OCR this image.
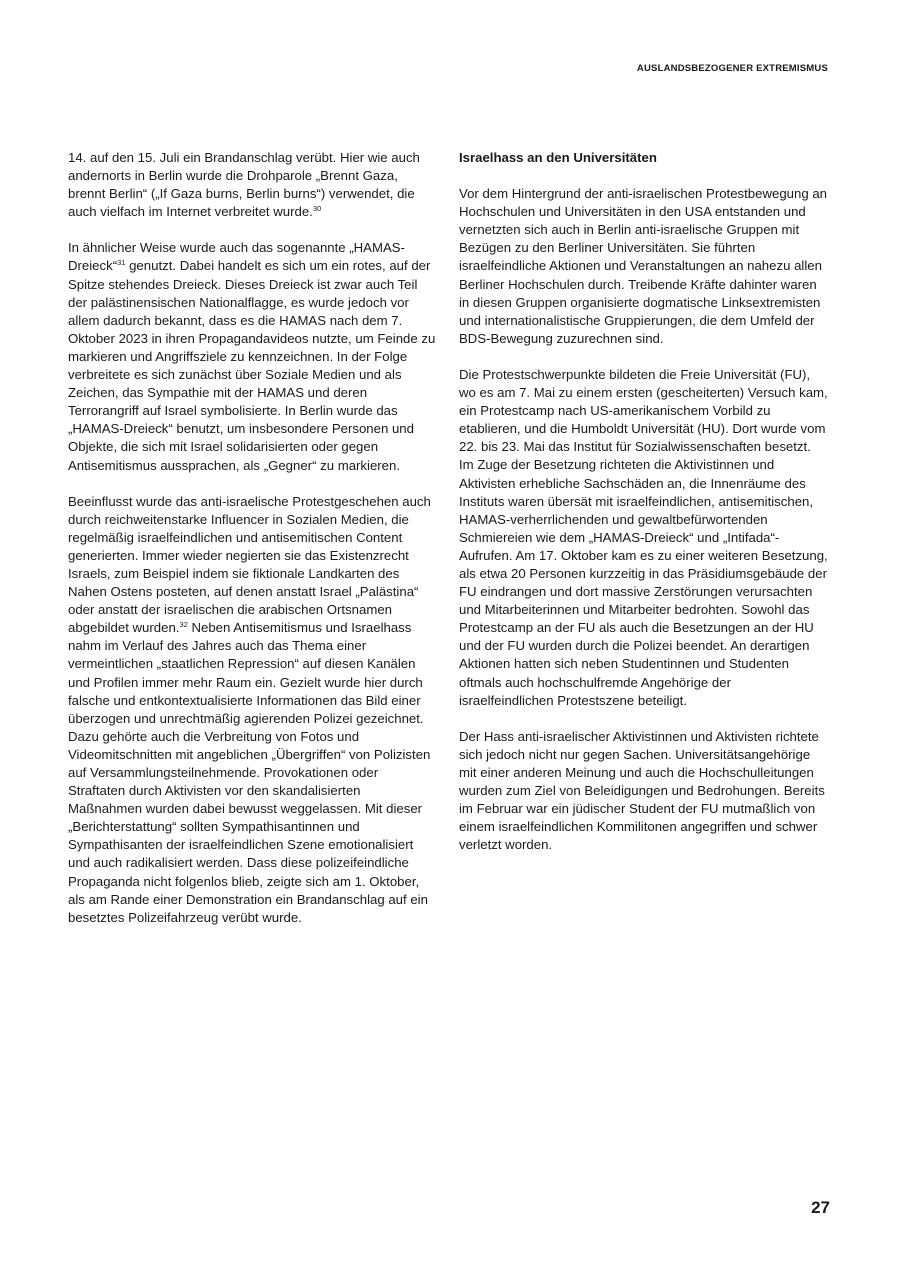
AUSLANDSBEZOGENER EXTREMISMUS

14. auf den 15. Juli ein Brandanschlag verübt. Hier wie auch andernorts in Berlin wurde die Drohparole „Brennt Gaza, brennt Berlin“ („If Gaza burns, Berlin burns“) verwendet, die auch vielfach im Internet verbreitet wurde.$^{30}$

In ähnlicher Weise wurde auch das sogenannte „HAMAS-Dreieck“$^{31}$ genutzt. Dabei handelt es sich um ein rotes, auf der Spitze stehendes Dreieck. Dieses Dreieck ist zwar auch Teil der palästinensischen Nationalflagge, es wurde jedoch vor allem dadurch bekannt, dass es die HAMAS nach dem 7. Oktober 2023 in ihren Propagandavideos nutzte, um Feinde zu markieren und Angriffsziele zu kennzeichnen. In der Folge verbreitete es sich zunächst über Soziale Medien und als Zeichen, das Sympathie mit der HAMAS und deren Terrorangriff auf Israel symbolisierte. In Berlin wurde das „HAMAS-Dreieck“ benutzt, um insbesondere Personen und Objekte, die sich mit Israel solidarisierten oder gegen Antisemitismus aussprachen, als „Gegner“ zu markieren.

Beeinflusst wurde das anti-israelische Protestgeschehen auch durch reichweitenstarke Influencer in Sozialen Medien, die regelmäßig israelfeindlichen und antisemitischen Content generierten. Immer wieder negierten sie das Existenzrecht Israels, zum Beispiel indem sie fiktionale Landkarten des Nahen Ostens posteten, auf denen anstatt Israel „Palästina“ oder anstatt der israelischen die arabischen Ortsnamen abgebildet wurden.$^{32}$ Neben Antisemitismus und Israelhass nahm im Verlauf des Jahres auch das Thema einer vermeintlichen „staatlichen Repression“ auf diesen Kanälen und Profilen immer mehr Raum ein. Gezielt wurde hier durch falsche und entkontextualisierte Informationen das Bild einer überzogen und unrechtmäßig agierenden Polizei gezeichnet. Dazu gehörte auch die Verbreitung von Fotos und Videomitschnitten mit angeblichen „Übergriffen“ von Polizisten auf Versammlungsteilnehmende. Provokationen oder Straftaten durch Aktivisten vor den skandalisierten Maßnahmen wurden dabei bewusst weggelassen. Mit dieser „Berichterstattung“ sollten Sympathisantinnen und Sympathisanten der israelfeindlichen Szene emotionalisiert und auch radikalisiert werden. Dass diese polizeifeindliche Propaganda nicht folgenlos blieb, zeigte sich am 1. Oktober, als am Rande einer Demonstration ein Brandanschlag auf ein besetztes Polizeifahrzeug verübt wurde.

Israelhass an den Universitäten

Vor dem Hintergrund der anti-israelischen Protestbewegung an Hochschulen und Universitäten in den USA entstanden und vernetzten sich auch in Berlin anti-israelische Gruppen mit Bezügen zu den Berliner Universitäten. Sie führten israelfeindliche Aktionen und Veranstaltungen an nahezu allen Berliner Hochschulen durch. Treibende Kräfte dahinter waren in diesen Gruppen organisierte dogmatische Linksextremisten und internationalistische Gruppierungen, die dem Umfeld der BDS-Bewegung zuzurechnen sind.

Die Protestschwerpunkte bildeten die Freie Universität (FU), wo es am 7. Mai zu einem ersten (gescheiterten) Versuch kam, ein Protestcamp nach US-amerikanischem Vorbild zu etablieren, und die Humboldt Universität (HU). Dort wurde vom 22. bis 23. Mai das Institut für Sozialwissenschaften besetzt. Im Zuge der Besetzung richteten die Aktivistinnen und Aktivisten erhebliche Sachschäden an, die Innenräume des Instituts waren übersät mit israelfeindlichen, antisemitischen, HAMAS-verherrlichenden und gewaltbefürwortenden Schmiereien wie dem „HAMAS-Dreieck“ und „Intifada“-Aufrufen. Am 17. Oktober kam es zu einer weiteren Besetzung, als etwa 20 Personen kurzzeitig in das Präsidiumsgebäude der FU eindrangen und dort massive Zerstörungen verursachten und Mitarbeiterinnen und Mitarbeiter bedrohten. Sowohl das Protestcamp an der FU als auch die Besetzungen an der HU und der FU wurden durch die Polizei beendet. An derartigen Aktionen hatten sich neben Studentinnen und Studenten oftmals auch hochschulfremde Angehörige der israelfeindlichen Protestszene beteiligt.

Der Hass anti-israelischer Aktivistinnen und Aktivisten richtete sich jedoch nicht nur gegen Sachen. Universitätsangehörige mit einer anderen Meinung und auch die Hochschulleitungen wurden zum Ziel von Beleidigungen und Bedrohungen. Bereits im Februar war ein jüdischer Student der FU mutmaßlich von einem israelfeindlichen Kommilitonen angegriffen und schwer verletzt worden.

27
